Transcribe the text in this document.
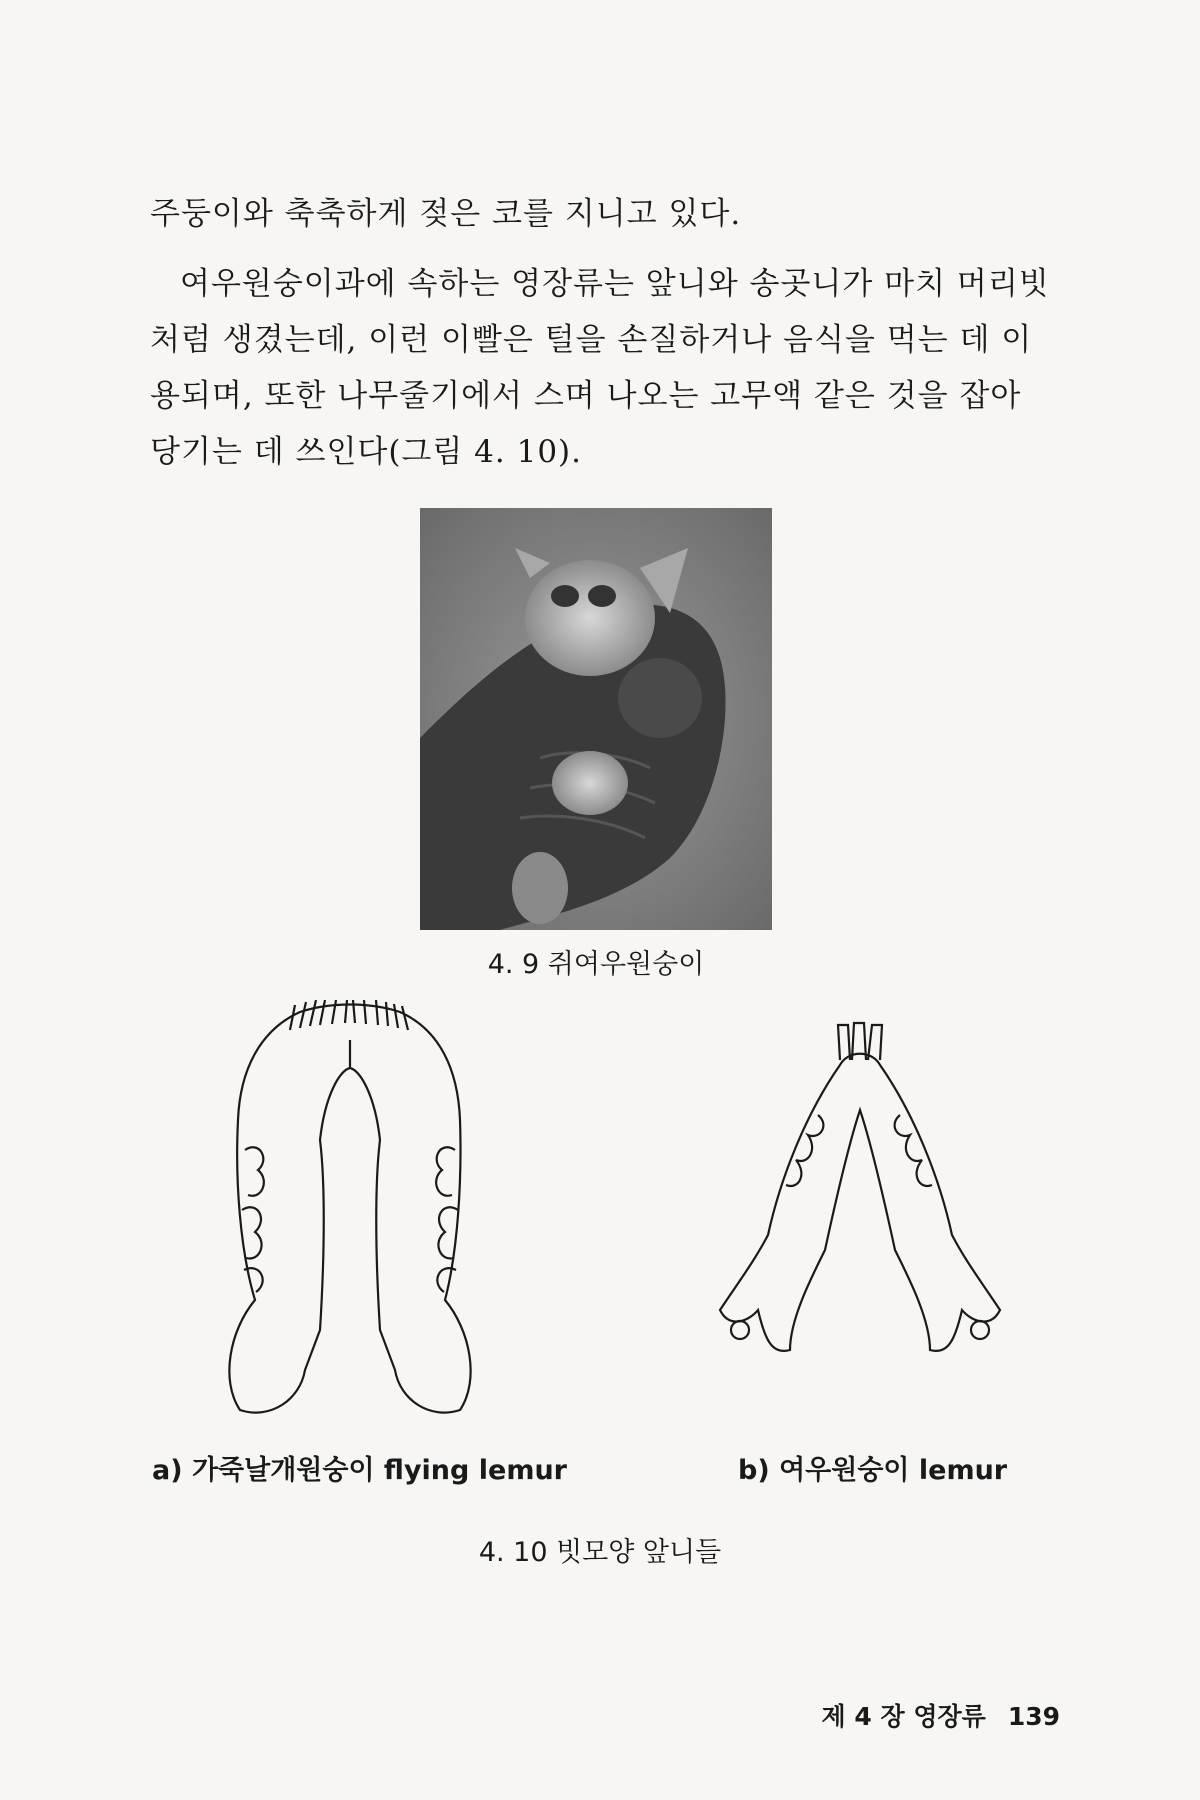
주둥이와 축축하게 젖은 코를 지니고 있다.

여우원숭이과에 속하는 영장류는 앞니와 송곳니가 마치 머리빗처럼 생겼는데, 이런 이빨은 털을 손질하거나 음식을 먹는 데 이용되며, 또한 나무줄기에서 스며 나오는 고무액 같은 것을 잡아당기는 데 쓰인다(그림 4. 10).

4. 9 쥐여우원숭이
a) 가죽날개원숭이 flying lemur	b) 여우원숭이 lemur
4. 10 빗모양 앞니들
제 4 장 영장류 139
